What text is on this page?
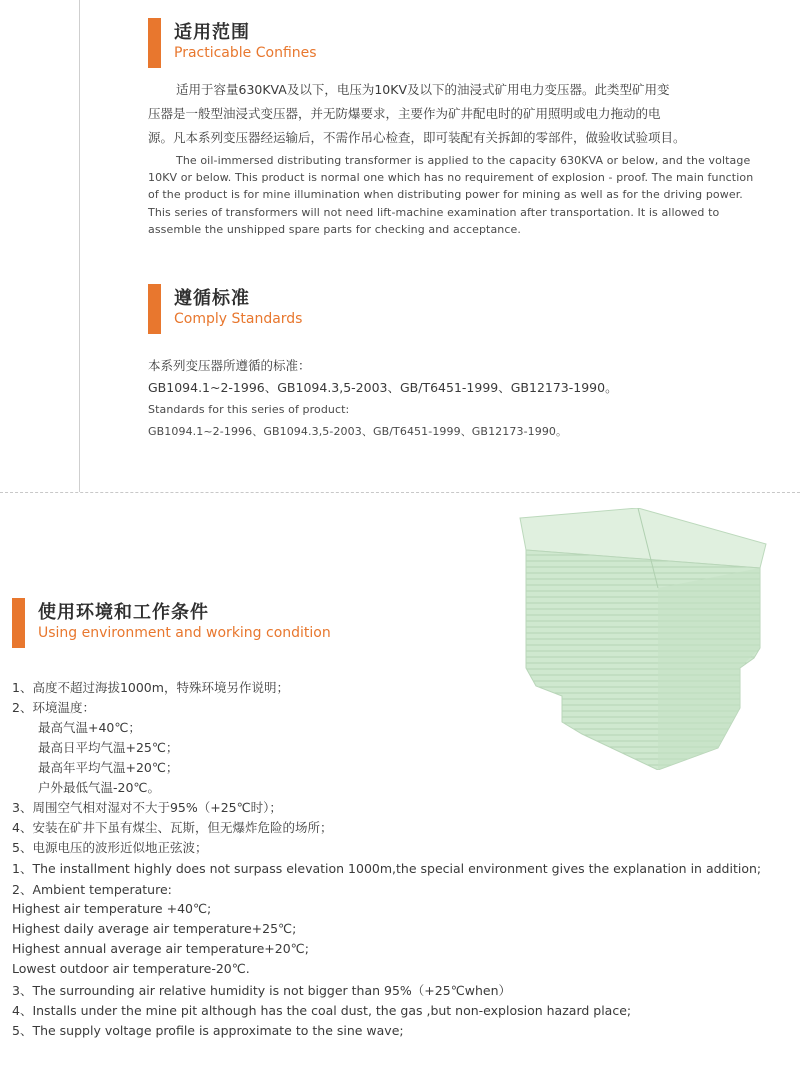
适用范围
Practicable Confines
适用于容量630KVA及以下，电压为10KV及以下的油浸式矿用电力变压器。此类型矿用变
压器是一般型油浸式变压器，并无防爆要求，主要作为矿井配电时的矿用照明或电力拖动的电
源。凡本系列变压器经运输后，不需作吊心检查，即可装配有关拆卸的零部件，做验收试验项目。
The oil-immersed distributing transformer is applied to the capacity 630KVA or below, and the voltage
10KV or below. This product is normal one which has no requirement of explosion - proof. The main function
of the product is for mine illumination when distributing power for mining as well as for the driving power.
This series of transformers will not need lift-machine examination after transportation. It is allowed to
assemble the unshipped spare parts for checking and acceptance.
遵循标准
Comply Standards
本系列变压器所遵循的标准：
GB1094.1~2-1996、GB1094.3,5-2003、GB/T6451-1999、GB12173-1990。
Standards for this series of product:
GB1094.1~2-1996、GB1094.3,5-2003、GB/T6451-1999、GB12173-1990。
使用环境和工作条件
Using environment and working condition
1、高度不超过海拔1000m，特殊环境另作说明；
2、环境温度：
最高气温+40℃；
最高日平均气温+25℃；
最高年平均气温+20℃；
户外最低气温-20℃。
3、周围空气相对湿对不大于95%（+25℃时）；
4、安装在矿井下虽有煤尘、瓦斯，但无爆炸危险的场所；
5、电源电压的波形近似地正弦波；
1、The installment highly does not surpass elevation 1000m,the special environment gives the explanation in addition;
2、Ambient temperature:
Highest air temperature +40℃;
Highest daily average air temperature+25℃;
Highest annual average air temperature+20℃;
Lowest outdoor air temperature-20℃.
3、The surrounding air relative humidity is not bigger than 95%（+25℃when）
4、Installs under the mine pit although has the coal dust, the gas ,but non-explosion hazard place;
5、The supply voltage profile is approximate to the sine wave;
